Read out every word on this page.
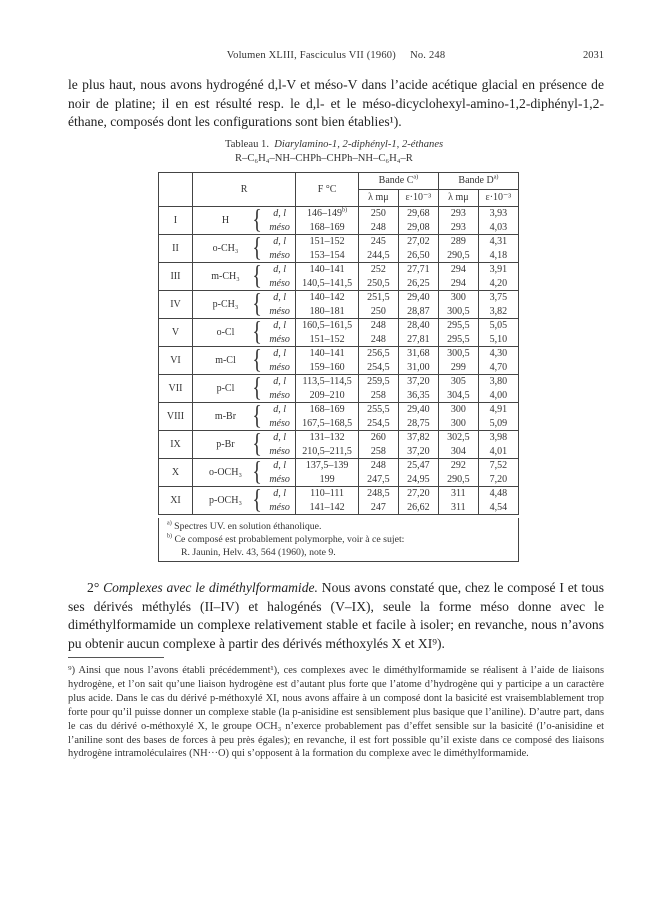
Volumen XLIII, Fasciculus VII (1960) No. 248	2031
le plus haut, nous avons hydrogéné d,l-V et méso-V dans l’acide acétique glacial en présence de noir de platine; il en est résulté resp. le d,l- et le méso-dicyclohexyl-amino-1,2-diphényl-1,2-éthane, composés dont les configurations sont bien établies¹).
Tableau 1. Diarylamino-1, 2-diphényl-1, 2-éthanes
R–C₆H₄–NH–CHPh–CHPh–NH–C₆H₄–R
	R			F °C	Bande $C^{a)}$		Bande $D^{a)}$
					λ mμ	ε·10⁻³	λ mμ	ε·10⁻³
I	H	{	d, l	146–149$^{b)}$	250	29,68	293	3,93
			méso	168–169	248	29,08	293	4,03
II	o-CH₃	{	d, l	151–152	245	27,02	289	4,31
			méso	153–154	244,5	26,50	290,5	4,18
III	m-CH₃	{	d, l	140–141	252	27,71	294	3,91
			méso	140,5–141,5	250,5	26,25	294	4,20
IV	p-CH₃	{	d, l	140–142	251,5	29,40	300	3,75
			méso	180–181	250	28,87	300,5	3,82
V	o-Cl	{	d, l	160,5–161,5	248	28,40	295,5	5,05
			méso	151–152	248	27,81	295,5	5,10
VI	m-Cl	{	d, l	140–141	256,5	31,68	300,5	4,30
			méso	159–160	254,5	31,00	299	4,70
VII	p-Cl	{	d, l	113,5–114,5	259,5	37,20	305	3,80
			méso	209–210	258	36,35	304,5	4,00
VIII	m-Br	{	d, l	168–169	255,5	29,40	300	4,91
			méso	167,5–168,5	254,5	28,75	300	5,09
IX	p-Br	{	d, l	131–132	260	37,82	302,5	3,98
			méso	210,5–211,5	258	37,20	304	4,01
X	o-OCH₃	{	d, l	137,5–139	248	25,47	292	7,52
			méso	199	247,5	24,95	290,5	7,20
XI	p-OCH₃	{	d, l	110–111	248,5	27,20	311	4,48
			méso	141–142	247	26,62	311	4,54
$^{a)}$ Spectres UV. en solution éthanolique.
$^{b)}$ Ce composé est probablement polymorphe, voir à ce sujet:
R. Jaunin, Helv. 43, 564 (1960), note 9.
2° Complexes avec le diméthylformamide. Nous avons constaté que, chez le composé I et tous ses dérivés méthylés (II–IV) et halogénés (V–IX), seule la forme méso donne avec le diméthylformamide un complexe relativement stable et facile à isoler; en revanche, nous n’avons pu obtenir aucun complexe à partir des dérivés méthoxylés X et XI⁹).
⁹) Ainsi que nous l’avons établi précédemment¹), ces complexes avec le diméthylformamide se réalisent à l’aide de liaisons hydrogène, et l’on sait qu’une liaison hydrogène est d’autant plus forte que l’atome d’hydrogène qui y participe a un caractère plus acide. Dans le cas du dérivé p-méthoxylé XI, nous avons affaire à un composé dont la basicité est vraisemblablement trop forte pour qu’il puisse donner un complexe stable (la p-anisidine est sensiblement plus basique que l’aniline). D’autre part, dans le cas du dérivé o-méthoxylé X, le groupe OCH₃ n’exerce probablement pas d’effet sensible sur la basicité (l’o-anisidine et l’aniline sont des bases de forces à peu près égales); en revanche, il est fort possible qu’il existe dans ce composé des liaisons hydrogène intramoléculaires (NH···O) qui s’opposent à la formation du complexe avec le diméthylformamide.
